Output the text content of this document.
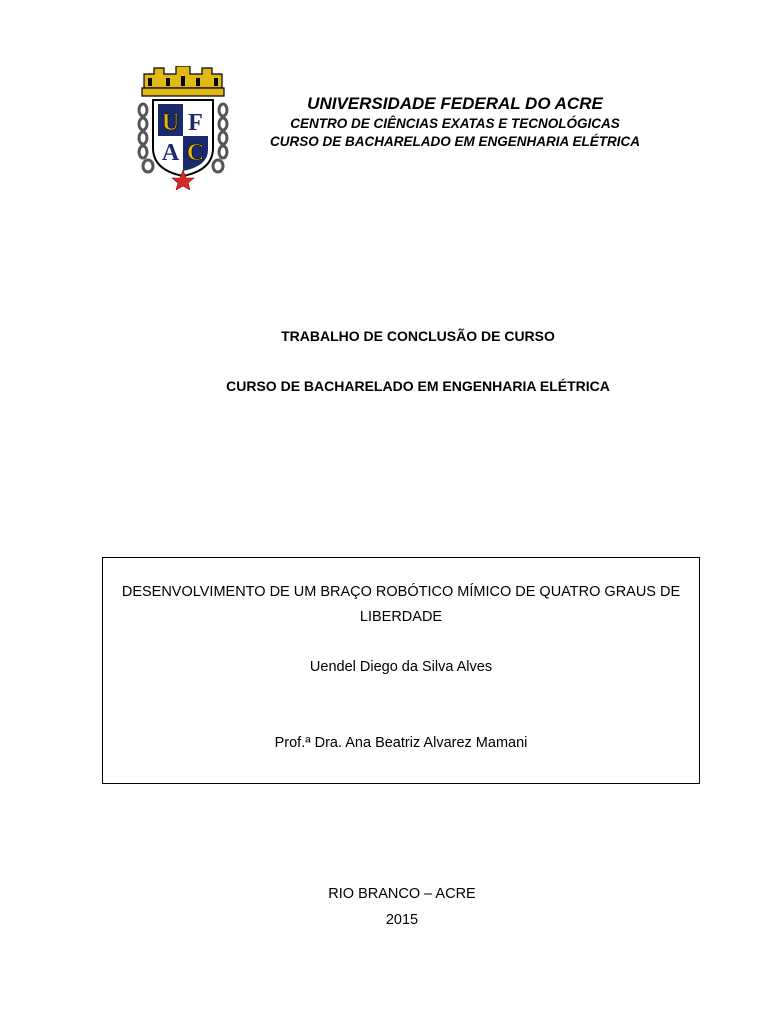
U F
A C
UNIVERSIDADE FEDERAL DO ACRE
CENTRO DE CIÊNCIAS EXATAS E TECNOLÓGICAS
CURSO DE BACHARELADO EM ENGENHARIA ELÉTRICA
TRABALHO DE CONCLUSÃO DE CURSO
CURSO DE BACHARELADO EM ENGENHARIA ELÉTRICA
DESENVOLVIMENTO DE UM BRAÇO ROBÓTICO MÍMICO DE QUATRO GRAUS DE LIBERDADE
Uendel Diego da Silva Alves
Prof.ª Dra. Ana Beatriz Alvarez Mamani
RIO BRANCO – ACRE
2015
